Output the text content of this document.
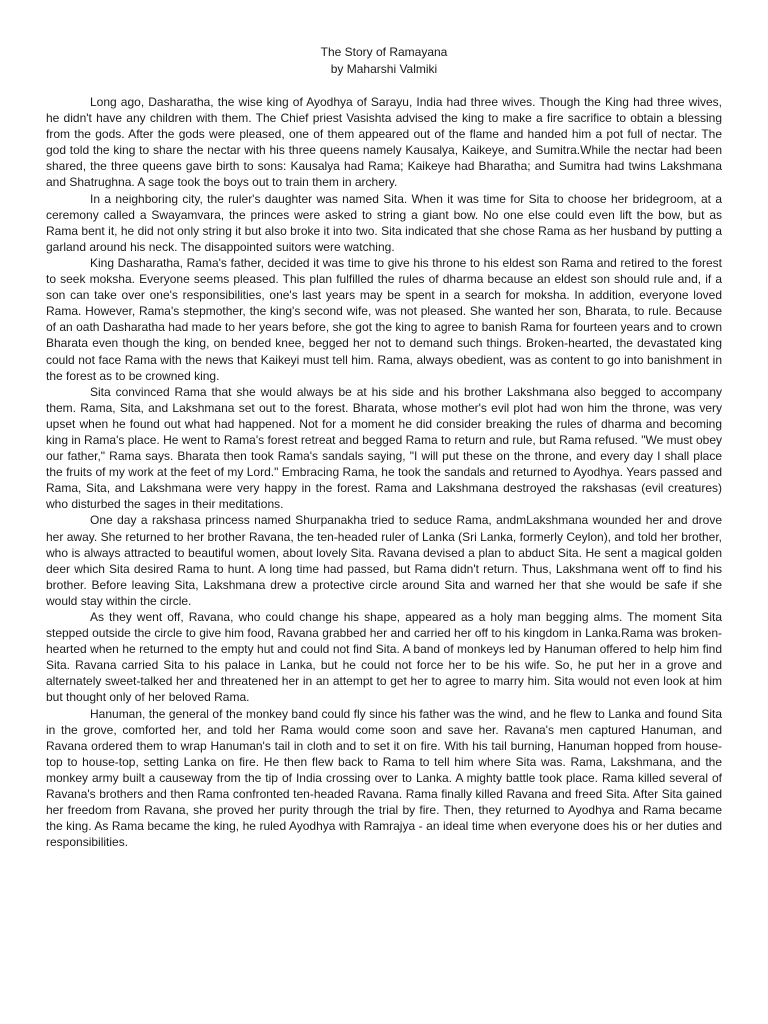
The Story of Ramayana
by Maharshi Valmiki

Long ago, Dasharatha, the wise king of Ayodhya of Sarayu, India had three wives. Though the King had three wives, he didn't have any children with them. The Chief priest Vasishta advised the king to make a fire sacrifice to obtain a blessing from the gods. After the gods were pleased, one of them appeared out of the flame and handed him a pot full of nectar. The god told the king to share the nectar with his three queens namely Kausalya, Kaikeye, and Sumitra.While the nectar had been shared, the three queens gave birth to sons: Kausalya had Rama; Kaikeye had Bharatha; and Sumitra had twins Lakshmana and Shatrughna. A sage took the boys out to train them in archery.

In a neighboring city, the ruler's daughter was named Sita. When it was time for Sita to choose her bridegroom, at a ceremony called a Swayamvara, the princes were asked to string a giant bow. No one else could even lift the bow, but as Rama bent it, he did not only string it but also broke it into two. Sita indicated that she chose Rama as her husband by putting a garland around his neck. The disappointed suitors were watching.

King Dasharatha, Rama's father, decided it was time to give his throne to his eldest son Rama and retired to the forest to seek moksha. Everyone seems pleased. This plan fulfilled the rules of dharma because an eldest son should rule and, if a son can take over one's responsibilities, one's last years may be spent in a search for moksha. In addition, everyone loved Rama. However, Rama's stepmother, the king's second wife, was not pleased. She wanted her son, Bharata, to rule. Because of an oath Dasharatha had made to her years before, she got the king to agree to banish Rama for fourteen years and to crown Bharata even though the king, on bended knee, begged her not to demand such things. Broken-hearted, the devastated king could not face Rama with the news that Kaikeyi must tell him. Rama, always obedient, was as content to go into banishment in the forest as to be crowned king.

Sita convinced Rama that she would always be at his side and his brother Lakshmana also begged to accompany them. Rama, Sita, and Lakshmana set out to the forest. Bharata, whose mother's evil plot had won him the throne, was very upset when he found out what had happened. Not for a moment he did consider breaking the rules of dharma and becoming king in Rama's place. He went to Rama's forest retreat and begged Rama to return and rule, but Rama refused. "We must obey our father," Rama says. Bharata then took Rama's sandals saying, "I will put these on the throne, and every day I shall place the fruits of my work at the feet of my Lord." Embracing Rama, he took the sandals and returned to Ayodhya. Years passed and Rama, Sita, and Lakshmana were very happy in the forest. Rama and Lakshmana destroyed the rakshasas (evil creatures) who disturbed the sages in their meditations.

One day a rakshasa princess named Shurpanakha tried to seduce Rama, andmLakshmana wounded her and drove her away. She returned to her brother Ravana, the ten-headed ruler of Lanka (Sri Lanka, formerly Ceylon), and told her brother, who is always attracted to beautiful women, about lovely Sita. Ravana devised a plan to abduct Sita. He sent a magical golden deer which Sita desired Rama to hunt. A long time had passed, but Rama didn't return. Thus, Lakshmana went off to find his brother. Before leaving Sita, Lakshmana drew a protective circle around Sita and warned her that she would be safe if she would stay within the circle.

As they went off, Ravana, who could change his shape, appeared as a holy man begging alms. The moment Sita stepped outside the circle to give him food, Ravana grabbed her and carried her off to his kingdom in Lanka.Rama was broken-hearted when he returned to the empty hut and could not find Sita. A band of monkeys led by Hanuman offered to help him find Sita. Ravana carried Sita to his palace in Lanka, but he could not force her to be his wife. So, he put her in a grove and alternately sweet-talked her and threatened her in an attempt to get her to agree to marry him. Sita would not even look at him but thought only of her beloved Rama.

Hanuman, the general of the monkey band could fly since his father was the wind, and he flew to Lanka and found Sita in the grove, comforted her, and told her Rama would come soon and save her. Ravana's men captured Hanuman, and Ravana ordered them to wrap Hanuman's tail in cloth and to set it on fire. With his tail burning, Hanuman hopped from house-top to house-top, setting Lanka on fire. He then flew back to Rama to tell him where Sita was. Rama, Lakshmana, and the monkey army built a causeway from the tip of India crossing over to Lanka. A mighty battle took place. Rama killed several of Ravana's brothers and then Rama confronted ten-headed Ravana. Rama finally killed Ravana and freed Sita. After Sita gained her freedom from Ravana, she proved her purity through the trial by fire. Then, they returned to Ayodhya and Rama became the king. As Rama became the king, he ruled Ayodhya with Ramrajya - an ideal time when everyone does his or her duties and responsibilities.
